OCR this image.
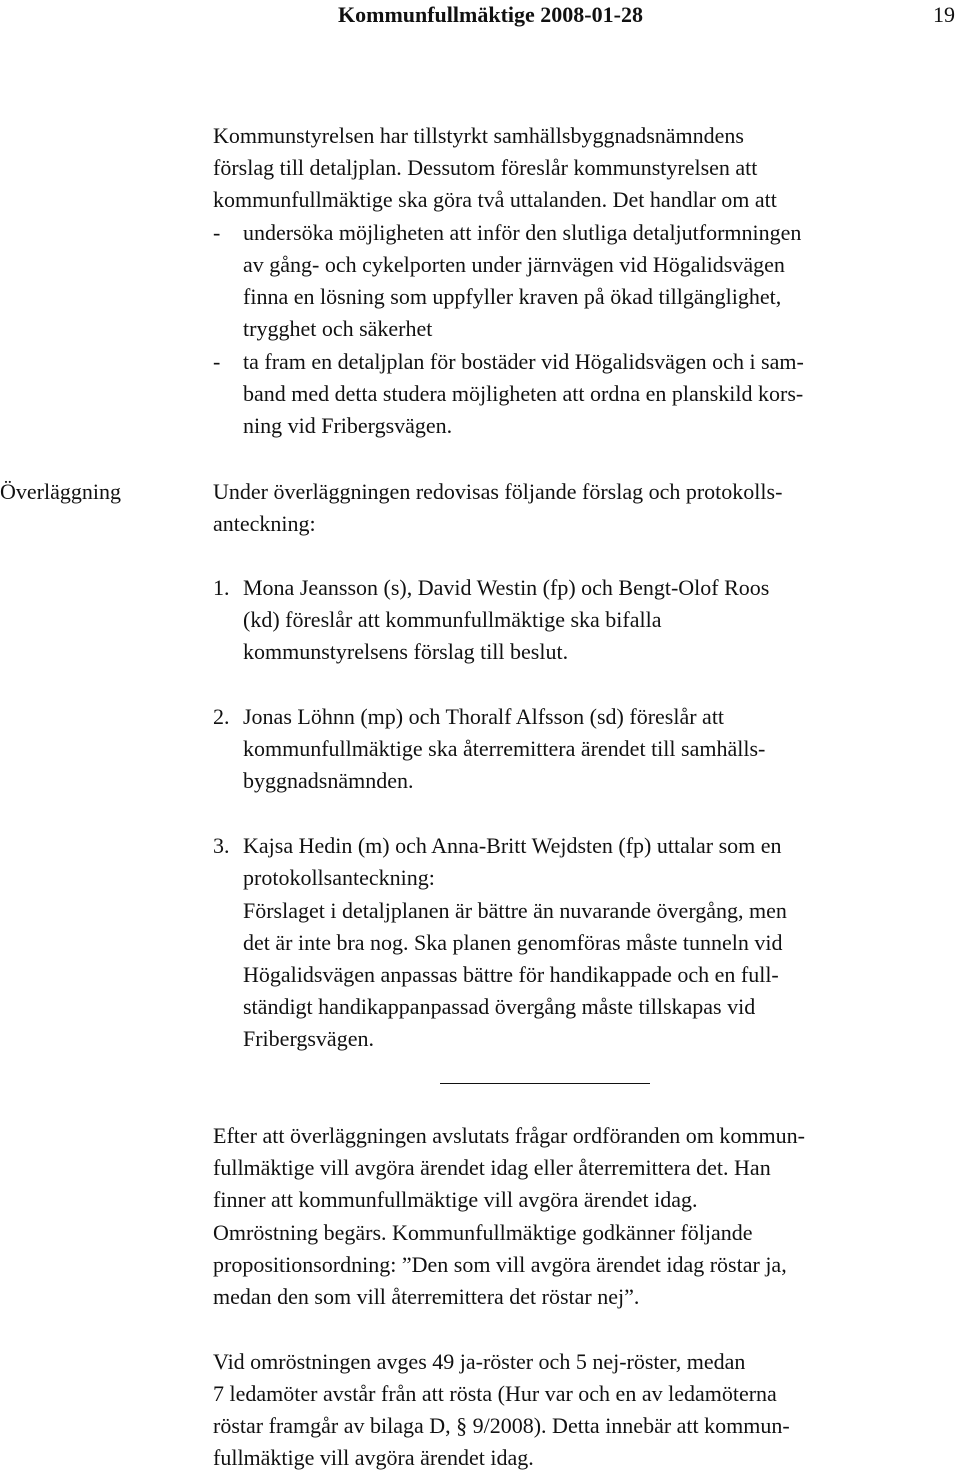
Kommunfullmäktige 2008-01-28	19
Kommunstyrelsen har tillstyrkt samhällsbyggnadsnämndens
förslag till detaljplan. Dessutom föreslår kommunstyrelsen att
kommunfullmäktige ska göra två uttalanden. Det handlar om att
- undersöka möjligheten att inför den slutliga detaljutformningen
av gång- och cykelporten under järnvägen vid Högalidsvägen
finna en lösning som uppfyller kraven på ökad tillgänglighet,
trygghet och säkerhet
- ta fram en detaljplan för bostäder vid Högalidsvägen och i sam-
band med detta studera möjligheten att ordna en planskild kors-
ning vid Fribergsvägen.
Överläggning	Under överläggningen redovisas följande förslag och protokolls-
anteckning:
1. Mona Jeansson (s), David Westin (fp) och Bengt-Olof Roos
(kd) föreslår att kommunfullmäktige ska bifalla
kommunstyrelsens förslag till beslut.
2. Jonas Löhnn (mp) och Thoralf Alfsson (sd) föreslår att
kommunfullmäktige ska återremittera ärendet till samhälls-
byggnadsnämnden.
3. Kajsa Hedin (m) och Anna-Britt Wejdsten (fp) uttalar som en
protokollsanteckning:
Förslaget i detaljplanen är bättre än nuvarande övergång, men
det är inte bra nog. Ska planen genomföras måste tunneln vid
Högalidsvägen anpassas bättre för handikappade och en full-
ständigt handikappanpassad övergång måste tillskapas vid
Fribergsvägen.
Efter att överläggningen avslutats frågar ordföranden om kommun-
fullmäktige vill avgöra ärendet idag eller återremittera det. Han
finner att kommunfullmäktige vill avgöra ärendet idag.
Omröstning begärs. Kommunfullmäktige godkänner följande
propositionsordning: ”Den som vill avgöra ärendet idag röstar ja,
medan den som vill återremittera det röstar nej”.
Vid omröstningen avges 49 ja-röster och 5 nej-röster, medan
7 ledamöter avstår från att rösta (Hur var och en av ledamöterna
röstar framgår av bilaga D, § 9/2008). Detta innebär att kommun-
fullmäktige vill avgöra ärendet idag.
